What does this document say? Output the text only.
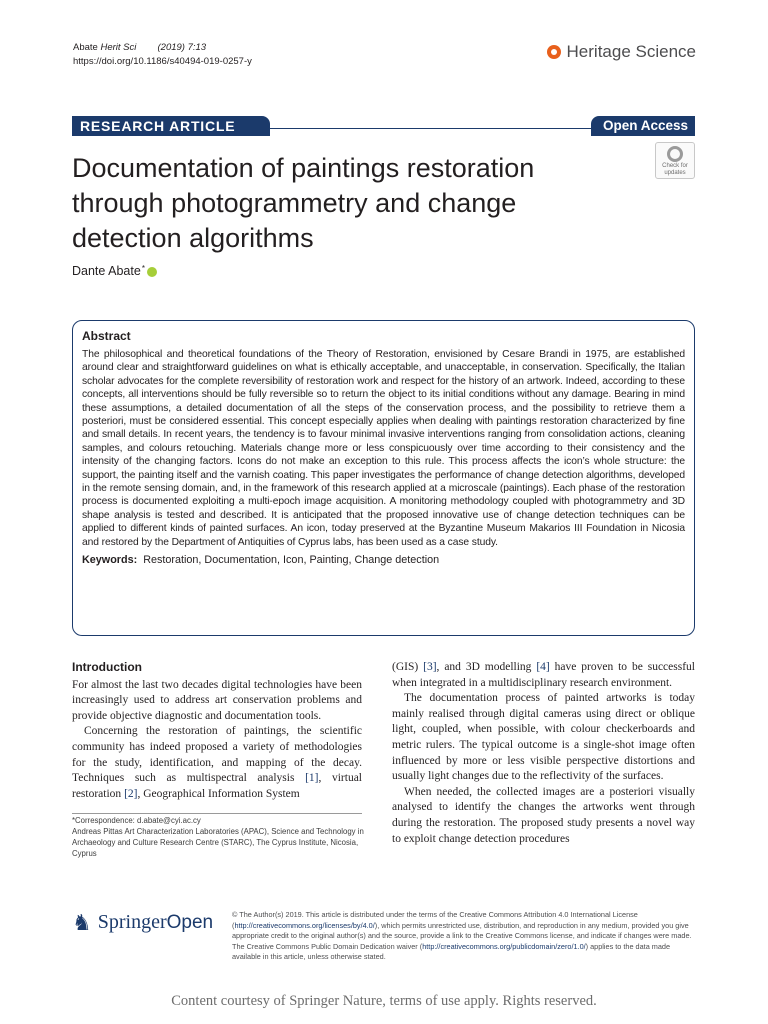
Abate Herit Sci (2019) 7:13
https://doi.org/10.1186/s40494-019-0257-y
Heritage Science
RESEARCH ARTICLE	Open Access
Documentation of paintings restoration through photogrammetry and change detection algorithms
Check for updates
Dante Abate*
Abstract

The philosophical and theoretical foundations of the Theory of Restoration, envisioned by Cesare Brandi in 1975, are established around clear and straightforward guidelines on what is ethically acceptable, and unacceptable, in conservation. Specifically, the Italian scholar advocates for the complete reversibility of restoration work and respect for the history of an artwork. Indeed, according to these concepts, all interventions should be fully reversible so to return the object to its initial conditions without any damage. Bearing in mind these assumptions, a detailed documentation of all the steps of the conservation process, and the possibility to retrieve them a posteriori, must be considered essential. This concept especially applies when dealing with paintings restoration characterized by fine and small details. In recent years, the tendency is to favour minimal invasive interventions ranging from consolidation actions, cleaning samples, and colours retouching. Materials change more or less conspicuously over time according to their consistency and the intensity of the changing factors. Icons do not make an exception to this rule. This process affects the icon’s whole structure: the support, the painting itself and the varnish coating. This paper investigates the performance of change detection algorithms, developed in the remote sensing domain, and, in the framework of this research applied at a microscale (paintings). Each phase of the restoration process is documented exploiting a multi-epoch image acquisition. A monitoring methodology coupled with photogrammetry and 3D shape analysis is tested and described. It is anticipated that the proposed innovative use of change detection techniques can be applied to different kinds of painted surfaces. An icon, today preserved at the Byzantine Museum Makarios III Foundation in Nicosia and restored by the Department of Antiquities of Cyprus labs, has been used as a case study.

Keywords: Restoration, Documentation, Icon, Painting, Change detection
Introduction

For almost the last two decades digital technologies have been increasingly used to address art conservation problems and provide objective diagnostic and documentation tools.

Concerning the restoration of paintings, the scientific community has indeed proposed a variety of methodologies for the study, identification, and mapping of the decay. Techniques such as multispectral analysis [1], virtual restoration [2], Geographical Information System

*Correspondence: d.abate@cyi.ac.cy
Andreas Pittas Art Characterization Laboratories (APAC), Science and Technology in Archaeology and Culture Research Centre (STARC), The Cyprus Institute, Nicosia, Cyprus

(GIS) [3], and 3D modelling [4] have proven to be successful when integrated in a multidisciplinary research environment.

The documentation process of painted artworks is today mainly realised through digital cameras using direct or oblique light, coupled, when possible, with colour checkerboards and metric rulers. The typical outcome is a single-shot image often influenced by more or less visible perspective distortions and usually light changes due to the reflectivity of the surfaces.

When needed, the collected images are a posteriori visually analysed to identify the changes the artworks went through during the restoration. The proposed study presents a novel way to exploit change detection procedures

♞ SpringerOpen	© The Author(s) 2019. This article is distributed under the terms of the Creative Commons Attribution 4.0 International License (http://creativecommons.org/licenses/by/4.0/), which permits unrestricted use, distribution, and reproduction in any medium, provided you give appropriate credit to the original author(s) and the source, provide a link to the Creative Commons license, and indicate if changes were made. The Creative Commons Public Domain Dedication waiver (http://creativecommons.org/publicdomain/zero/1.0/) applies to the data made available in this article, unless otherwise stated.
Content courtesy of Springer Nature, terms of use apply. Rights reserved.
